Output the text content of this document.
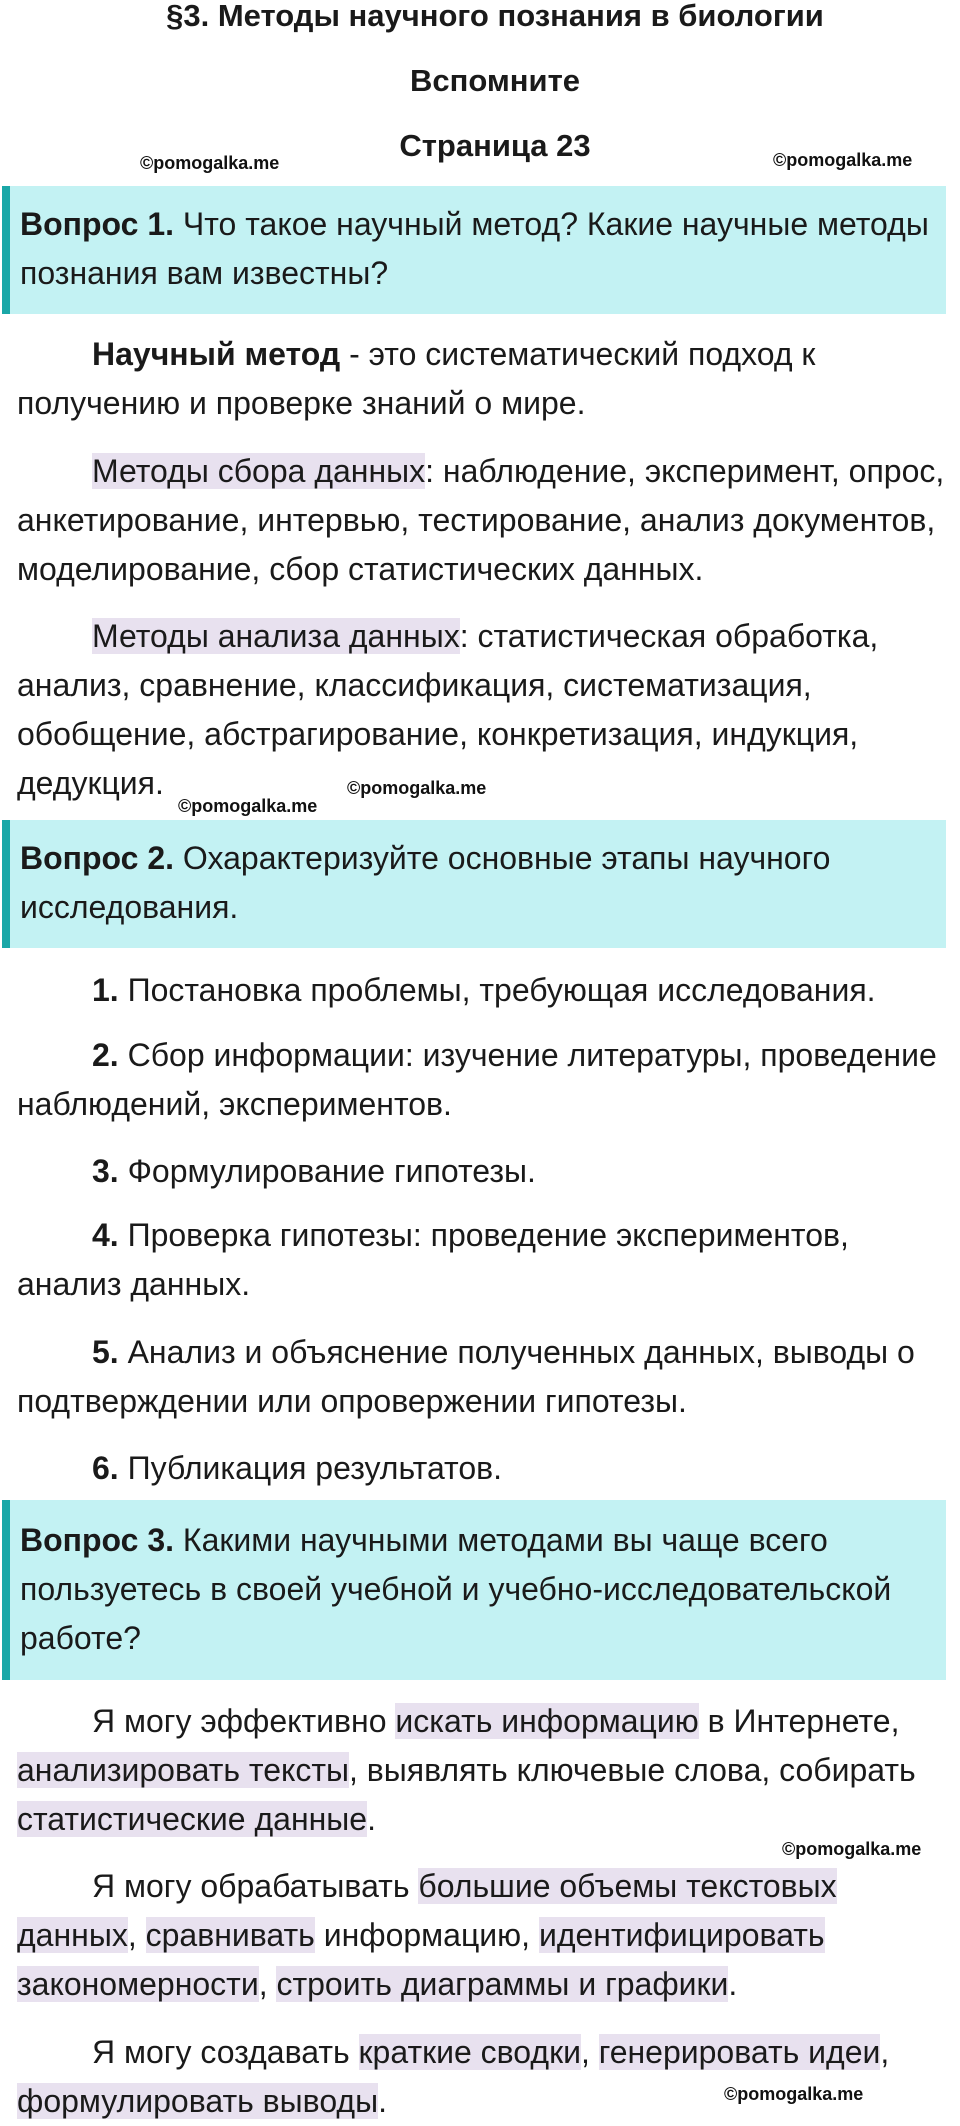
§3. Методы научного познания в биологии
Вспомните
Страница 23
©pomogalka.me	©pomogalka.me
Вопрос 1. Что такое научный метод? Какие научные методы познания вам известны?

Научный метод - это систематический подход к получению и проверке знаний о мире.

Методы сбора данных: наблюдение, эксперимент, опрос, анкетирование, интервью, тестирование, анализ документов, моделирование, сбор статистических данных.

Методы анализа данных: статистическая обработка, анализ, сравнение, классификация, систематизация, обобщение, абстрагирование, конкретизация, индукция, дедукция.	©pomogalka.me
©pomogalka.me
Вопрос 2. Охарактеризуйте основные этапы научного исследования.

1. Постановка проблемы, требующая исследования.

2. Сбор информации: изучение литературы, проведение наблюдений, экспериментов.

3. Формулирование гипотезы.

4. Проверка гипотезы: проведение экспериментов, анализ данных.

5. Анализ и объяснение полученных данных, выводы о подтверждении или опровержении гипотезы.

6. Публикация результатов.

Вопрос 3. Какими научными методами вы чаще всего пользуетесь в своей учебной и учебно-исследовательской работе?

Я могу эффективно искать информацию в Интернете, анализировать тексты, выявлять ключевые слова, собирать статистические данные.

©pomogalka.me

Я могу обрабатывать большие объемы текстовых данных, сравнивать информацию, идентифицировать закономерности, строить диаграммы и графики.

Я могу создавать краткие сводки, генерировать идеи, формулировать выводы.	©pomogalka.me
